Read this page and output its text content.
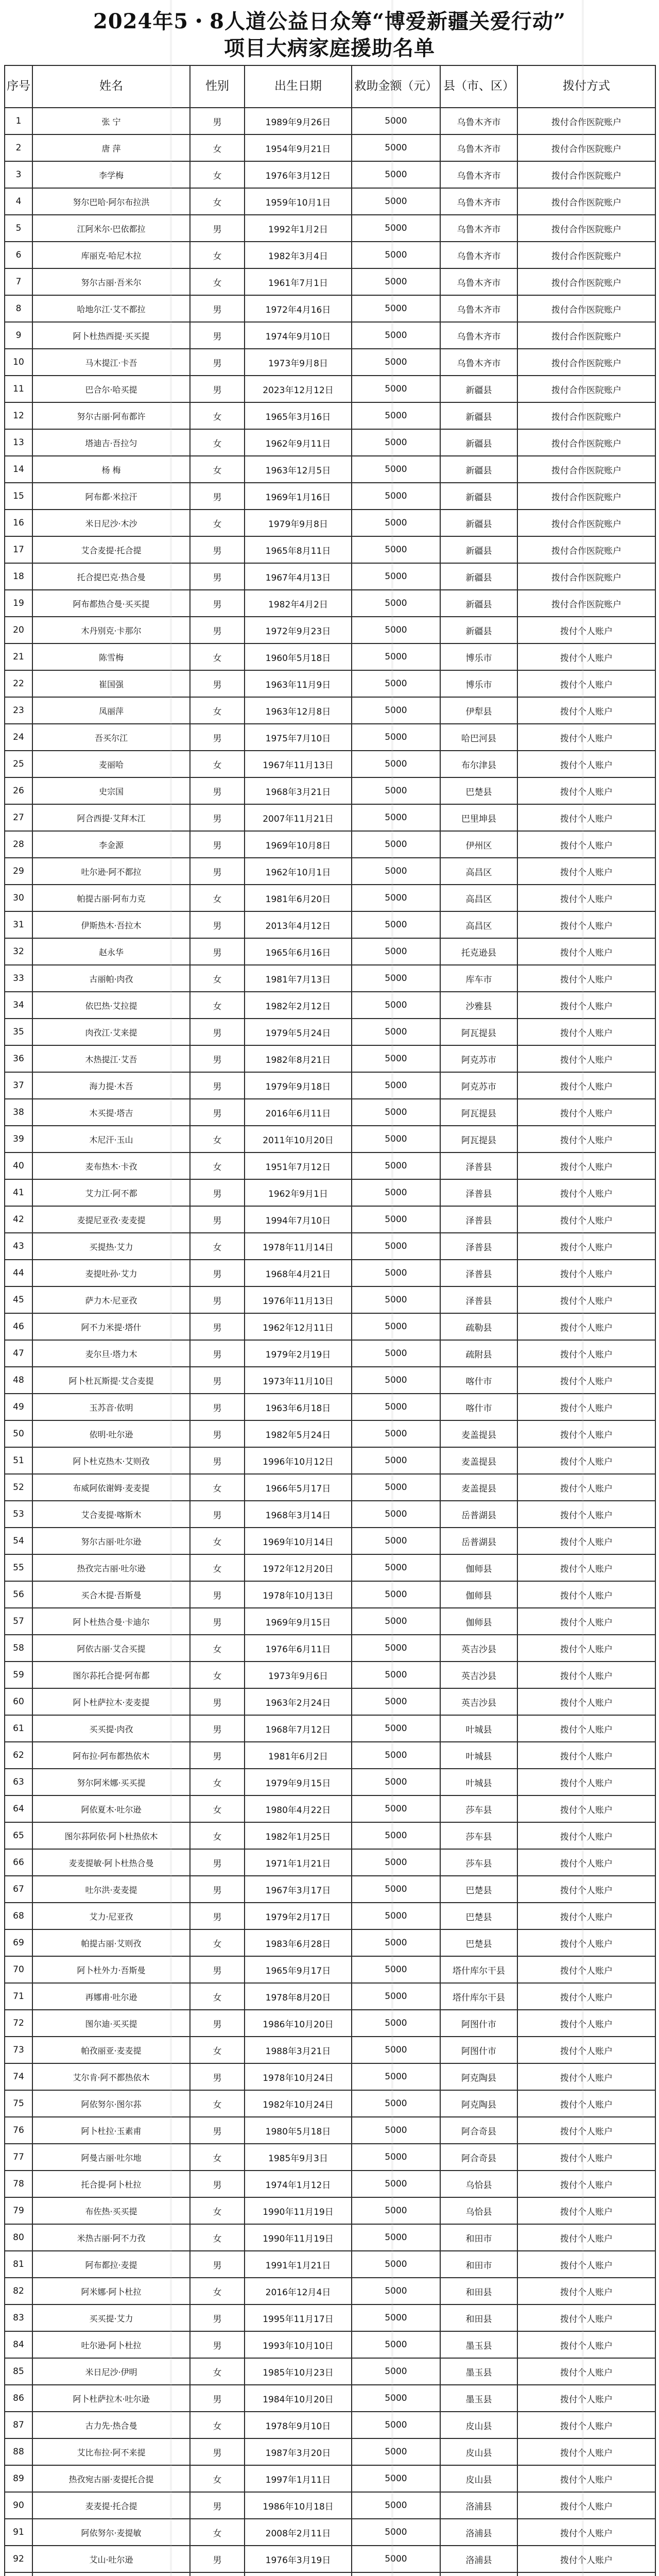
2024年5・8人道公益日众筹“博爱新疆关爱行动”
项目大病家庭援助名单
序号	姓名	性别	出生日期	救助金额（元）	县（市、区）	拨付方式
1	张 宁	男	1989年9月26日	5000	乌鲁木齐市	拨付合作医院账户
2	唐 萍	女	1954年9月21日	5000	乌鲁木齐市	拨付合作医院账户
3	李学梅	女	1976年3月12日	5000	乌鲁木齐市	拨付合作医院账户
4	努尔巴哈·阿尔布拉洪	女	1959年10月1日	5000	乌鲁木齐市	拨付合作医院账户
5	江阿米尔·巴依都拉	男	1992年1月2日	5000	乌鲁木齐市	拨付合作医院账户
6	库丽克·哈尼木拉	女	1982年3月4日	5000	乌鲁木齐市	拨付合作医院账户
7	努尔古丽·吾米尔	女	1961年7月1日	5000	乌鲁木齐市	拨付合作医院账户
8	哈地尔江·艾不都拉	男	1972年4月16日	5000	乌鲁木齐市	拨付合作医院账户
9	阿卜杜热西提·买买提	男	1974年9月10日	5000	乌鲁木齐市	拨付合作医院账户
10	马木提江·卡吾	男	1973年9月8日	5000	乌鲁木齐市	拨付合作医院账户
11	巴合尔·哈买提	男	2023年12月12日	5000	新疆县	拨付合作医院账户
12	努尔古丽·阿布都许	女	1965年3月16日	5000	新疆县	拨付合作医院账户
13	塔迪吉·吾拉匀	女	1962年9月11日	5000	新疆县	拨付合作医院账户
14	杨 梅	女	1963年12月5日	5000	新疆县	拨付合作医院账户
15	阿布都·米拉汗	男	1969年1月16日	5000	新疆县	拨付合作医院账户
16	米日尼沙·木沙	女	1979年9月8日	5000	新疆县	拨付合作医院账户
17	艾合麦提·托合提	男	1965年8月11日	5000	新疆县	拨付合作医院账户
18	托合提巴克·热合曼	男	1967年4月13日	5000	新疆县	拨付合作医院账户
19	阿布都热合曼·买买提	男	1982年4月2日	5000	新疆县	拨付合作医院账户
20	木丹别克·卡那尔	男	1972年9月23日	5000	新疆县	拨付个人账户
21	陈雪梅	女	1960年5月18日	5000	博乐市	拨付个人账户
22	崔国强	男	1963年11月9日	5000	博乐市	拨付个人账户
23	凤丽萍	女	1963年12月8日	5000	伊犁县	拨付个人账户
24	吾买尔江	男	1975年7月10日	5000	哈巴河县	拨付个人账户
25	麦丽哈	女	1967年11月13日	5000	布尔津县	拨付个人账户
26	史宗国	男	1968年3月21日	5000	巴楚县	拨付个人账户
27	阿合西提·艾拜木江	男	2007年11月21日	5000	巴里坤县	拨付个人账户
28	李金源	男	1969年10月8日	5000	伊州区	拨付个人账户
29	吐尔逊·阿不都拉	男	1962年10月1日	5000	高昌区	拨付个人账户
30	帕提古丽·阿布力克	女	1981年6月20日	5000	高昌区	拨付个人账户
31	伊斯热木·吾拉木	男	2013年4月12日	5000	高昌区	拨付个人账户
32	赵永华	男	1965年6月16日	5000	托克逊县	拨付个人账户
33	古丽帕·肉孜	女	1981年7月13日	5000	库车市	拨付个人账户
34	依巴热·艾拉提	女	1982年2月12日	5000	沙雅县	拨付个人账户
35	肉孜江·艾来提	男	1979年5月24日	5000	阿瓦提县	拨付个人账户
36	木热提江·艾吾	男	1982年8月21日	5000	阿克苏市	拨付个人账户
37	海力提·木吾	男	1979年9月18日	5000	阿克苏市	拨付个人账户
38	木买提·塔吉	男	2016年6月11日	5000	阿瓦提县	拨付个人账户
39	木尼汗·玉山	女	2011年10月20日	5000	阿瓦提县	拨付个人账户
40	麦布热木·卡孜	女	1951年7月12日	5000	泽普县	拨付个人账户
41	艾力江·阿不都	男	1962年9月1日	5000	泽普县	拨付个人账户
42	麦提尼亚孜·麦麦提	男	1994年7月10日	5000	泽普县	拨付个人账户
43	买提热·艾力	女	1978年11月14日	5000	泽普县	拨付个人账户
44	麦提吐孙·艾力	男	1968年4月21日	5000	泽普县	拨付个人账户
45	萨力木·尼亚孜	男	1976年11月13日	5000	泽普县	拨付个人账户
46	阿不力米提·塔什	男	1962年12月11日	5000	疏勒县	拨付个人账户
47	麦尔旦·塔力木	男	1979年2月19日	5000	疏附县	拨付个人账户
48	阿卜杜瓦斯提·艾合麦提	男	1973年11月10日	5000	喀什市	拨付个人账户
49	玉苏音·依明	男	1963年6月18日	5000	喀什市	拨付个人账户
50	依明·吐尔逊	男	1982年5月24日	5000	麦盖提县	拨付个人账户
51	阿卜杜克热木·艾则孜	男	1996年10月12日	5000	麦盖提县	拨付个人账户
52	布威阿依谢姆·麦麦提	女	1966年5月17日	5000	麦盖提县	拨付个人账户
53	艾合麦提·喀斯木	男	1968年3月14日	5000	岳普湖县	拨付个人账户
54	努尔古丽·吐尔逊	女	1969年10月14日	5000	岳普湖县	拨付个人账户
55	热孜完古丽·吐尔逊	女	1972年12月20日	5000	伽师县	拨付个人账户
56	买合木提·吾斯曼	男	1978年10月13日	5000	伽师县	拨付个人账户
57	阿卜杜热合曼·卡迪尔	男	1969年9月15日	5000	伽师县	拨付个人账户
58	阿依古丽·艾合买提	女	1976年6月11日	5000	英吉沙县	拨付个人账户
59	图尔荪托合提·阿布都	女	1973年9月6日	5000	英吉沙县	拨付个人账户
60	阿卜杜萨拉木·麦麦提	男	1963年2月24日	5000	英吉沙县	拨付个人账户
61	买买提·肉孜	男	1968年7月12日	5000	叶城县	拨付个人账户
62	阿布拉·阿布都热依木	男	1981年6月2日	5000	叶城县	拨付个人账户
63	努尔阿米娜·买买提	女	1979年9月15日	5000	叶城县	拨付个人账户
64	阿依夏木·吐尔逊	女	1980年4月22日	5000	莎车县	拨付个人账户
65	图尔荪阿依·阿卜杜热依木	女	1982年1月25日	5000	莎车县	拨付个人账户
66	麦麦提敏·阿卜杜热合曼	男	1971年1月21日	5000	莎车县	拨付个人账户
67	吐尔洪·麦麦提	男	1967年3月17日	5000	巴楚县	拨付个人账户
68	艾力·尼亚孜	男	1979年2月17日	5000	巴楚县	拨付个人账户
69	帕提古丽·艾则孜	女	1983年6月28日	5000	巴楚县	拨付个人账户
70	阿卜杜外力·吾斯曼	男	1965年9月17日	5000	塔什库尔干县	拨付个人账户
71	再娜甫·吐尔逊	女	1978年8月20日	5000	塔什库尔干县	拨付个人账户
72	图尔迪·买买提	男	1986年10月20日	5000	阿图什市	拨付个人账户
73	帕孜丽亚·麦麦提	女	1988年3月21日	5000	阿图什市	拨付个人账户
74	艾尔肯·阿不都热依木	男	1978年10月24日	5000	阿克陶县	拨付个人账户
75	阿依努尔·图尔荪	女	1982年10月24日	5000	阿克陶县	拨付个人账户
76	阿卜杜拉·玉素甫	男	1980年5月18日	5000	阿合奇县	拨付个人账户
77	阿曼古丽·吐尔地	女	1985年9月3日	5000	阿合奇县	拨付个人账户
78	托合提·阿卜杜拉	男	1974年1月12日	5000	乌恰县	拨付个人账户
79	布佐热·买买提	女	1990年11月19日	5000	乌恰县	拨付个人账户
80	米热古丽·阿不力孜	女	1990年11月19日	5000	和田市	拨付个人账户
81	阿布都拉·麦提	男	1991年1月21日	5000	和田市	拨付个人账户
82	阿米娜·阿卜杜拉	女	2016年12月4日	5000	和田县	拨付个人账户
83	买买提·艾力	男	1995年11月17日	5000	和田县	拨付个人账户
84	吐尔逊·阿卜杜拉	男	1993年10月10日	5000	墨玉县	拨付个人账户
85	米日尼沙·伊明	女	1985年10月23日	5000	墨玉县	拨付个人账户
86	阿卜杜萨拉木·吐尔逊	男	1984年10月20日	5000	墨玉县	拨付个人账户
87	古力先·热合曼	女	1978年9月10日	5000	皮山县	拨付个人账户
88	艾比布拉·阿不来提	男	1987年3月20日	5000	皮山县	拨付个人账户
89	热孜宛古丽·麦提托合提	女	1997年1月11日	5000	皮山县	拨付个人账户
90	麦麦提·托合提	男	1986年10月18日	5000	洛浦县	拨付个人账户
91	阿依努尔·麦提敏	女	2008年2月11日	5000	洛浦县	拨付个人账户
92	艾山·吐尔逊	男	1976年3月19日	5000	洛浦县	拨付个人账户
